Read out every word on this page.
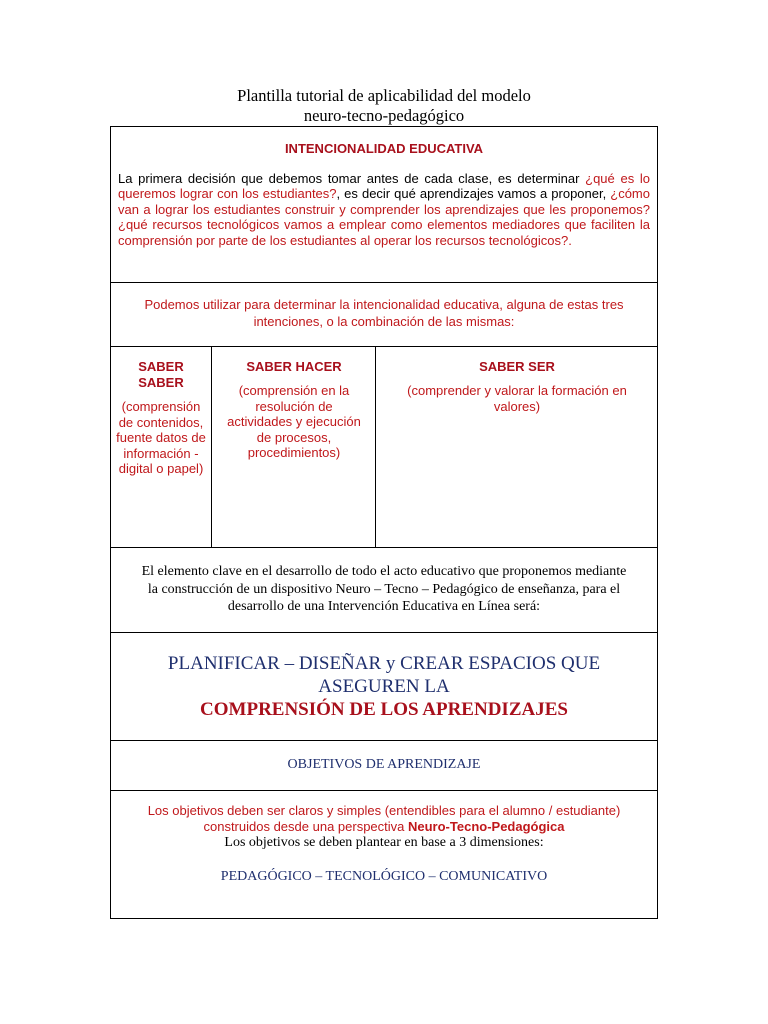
Plantilla tutorial de aplicabilidad del modelo
neuro-tecno-pedagógico

INTENCIONALIDAD EDUCATIVA

La primera decisión que debemos tomar antes de cada clase, es determinar ¿qué es lo queremos lograr con los estudiantes?, es decir qué aprendizajes vamos a proponer, ¿cómo van a lograr los estudiantes construir y comprender los aprendizajes que les proponemos? ¿qué recursos tecnológicos vamos a emplear como elementos mediadores que faciliten la comprensión por parte de los estudiantes al operar los recursos tecnológicos?.

Podemos utilizar para determinar la intencionalidad educativa, alguna de estas tres intenciones, o la combinación de las mismas:

SABER SABER

(comprensión de contenidos, fuente datos de información - digital o papel)

SABER HACER

(comprensión en la resolución de actividades y ejecución de procesos, procedimientos)

SABER SER

(comprender y valorar la formación en valores)

El elemento clave en el desarrollo de todo el acto educativo que proponemos mediante la construcción de un dispositivo Neuro – Tecno – Pedagógico de enseñanza, para el desarrollo de una Intervención Educativa en Línea será:

PLANIFICAR – DISEÑAR y CREAR ESPACIOS QUE

ASEGUREN LA

COMPRENSIÓN DE LOS APRENDIZAJES

OBJETIVOS DE APRENDIZAJE

Los objetivos deben ser claros y simples (entendibles para el alumno / estudiante) construidos desde una perspectiva Neuro-Tecno-Pedagógica

Los objetivos se deben plantear en base a 3 dimensiones:

PEDAGÓGICO – TECNOLÓGICO – COMUNICATIVO
